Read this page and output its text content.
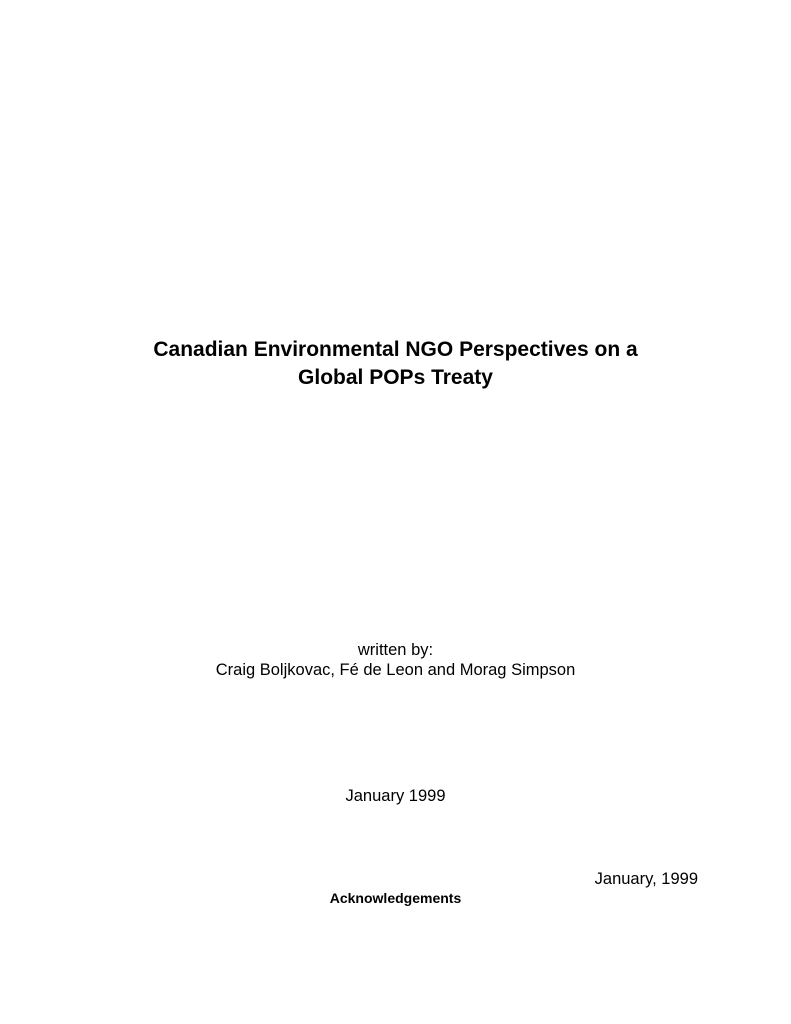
Canadian Environmental NGO Perspectives on a
Global POPs Treaty
written by:
Craig Boljkovac, Fé de Leon and Morag Simpson
January 1999
January, 1999
Acknowledgements
